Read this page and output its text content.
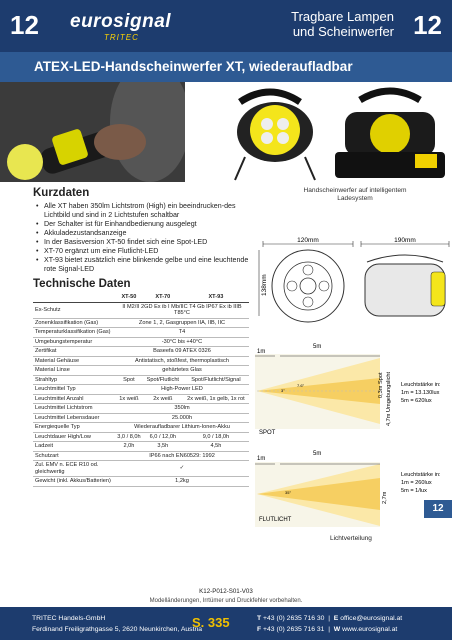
12 eurosignal
TRITEC
Tragbare Lampen
und Scheinwerfer 12
ATEX-LED-Handscheinwerfer XT, wiederaufladbar
Kurzdaten
• Alle XT haben 350lm Lichtstrom (High) ein beeindrucken-des Lichtbild und sind in 2 Lichtstufen schaltbar
• Der Schalter ist für Einhandbedienung ausgelegt
• Akkuladezustandsanzeige
• In der Basisversion XT-50 findet sich eine Spot-LED
• XT-70 ergänzt um eine Flutlicht-LED
• XT-93 bietet zusätzlich eine blinkende gelbe und eine leuchtende rote Signal-LED
Handscheinwerfer auf intelligentem Ladesystem
Technische Daten
	XT-50	XT-70	XT-93
Ex-Schutz	II M2/II 2GD Ex ib I Mb/IIC T4 Gb IP67 Ex ib IIIB T85°C		
Zonenklassifikation (Gas)	Zone 1, 2, Gasgruppen IIA, IIB, IIC		
Temperaturklassifikation (Gas)	T4		
Umgebungstemperatur	-30°C bis +40°C		
Zertifikat	Baseefa 09 ATEX 0326		
Material Gehäuse	Antistatisch, stoßfest, thermoplastisch		
Material Linse	gehärtetes Glas		
Strahltyp	Spot	Spot/Flutlicht	Spot/Flutlicht/Signal
Leuchtmittel Typ	High-Power LED		
Leuchtmittel Anzahl	1x weiß	2x weiß	2x weiß, 1x gelb, 1x rot
Leuchtmittel Lichtstrom	350lm		
Leuchtmittel Lebensdauer	25.000h		
Energiequelle Typ	Wiederaufladbarer Lithium-Ionen-Akku		
Leuchtdauer High/Low	3,0 / 8,0h	6,0 / 12,0h	9,0 / 18,0h
Ladzeit	2,0h	3,5h	4,5h
Schutzart	IP66 nach EN60529: 1992		
Zul. EMV n. ECE R10 od. gleichwertig	✓		
Gewicht (inkl. Akkus/Batterien)	1,2kg		
120mm	190mm
138mm
1m
5m
3°
7.6°
SPOT
0,3m Spot 4,7m Umgebungslicht Leuchtstärke in:
1m = 13.130lux
5m = 620lux
1m
5m
35°
FLUTLICHT
2,7m
Leuchtstärke in:
1m = 260lux
5m = 1/lux
Lichtverteilung
12
K12-P012-S01-V03
Modelländerungen, Irrtümer und Druckfehler vorbehalten.
TRITEC Handels-GmbH
Ferdinand Freiligrathgasse 5, 2620 Neunkirchen, Austria
S. 335	T +43 (0) 2635 716 30  |  E office@eurosignal.at
F +43 (0) 2635 716 31  |  W www.eurosignal.at
